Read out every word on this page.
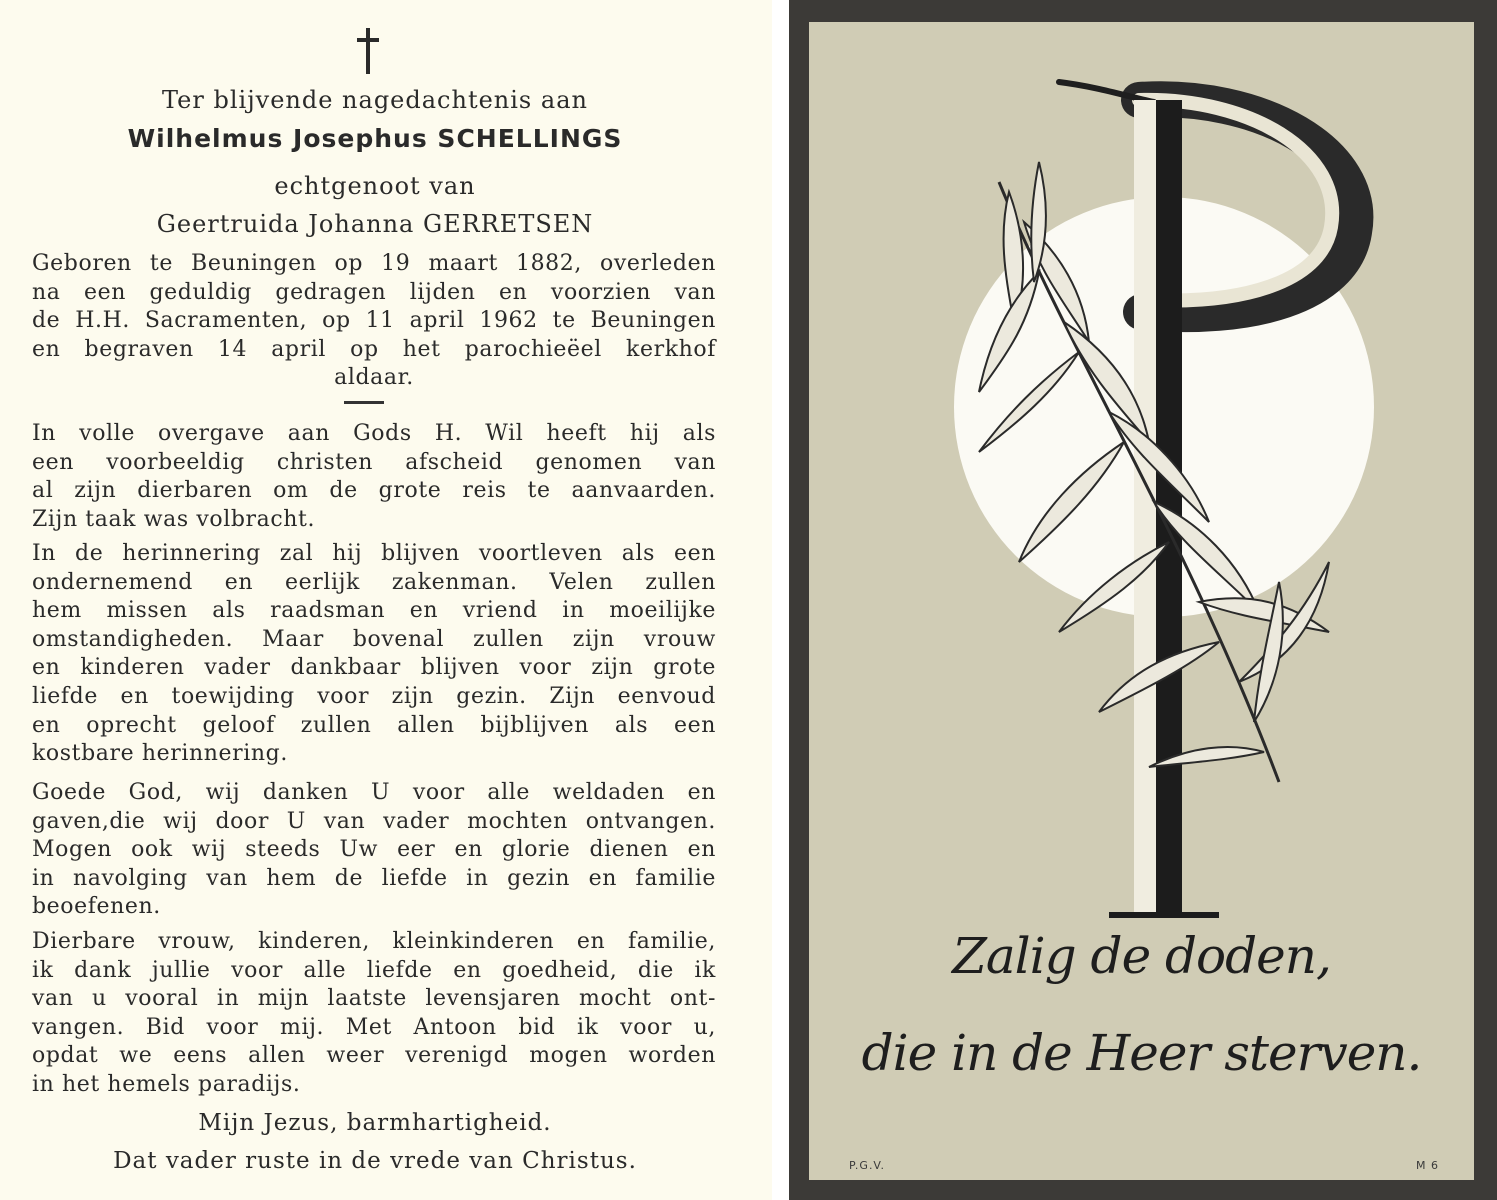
Ter blijvende nagedachtenis aan
Wilhelmus Josephus SCHELLINGS
echtgenoot van
Geertruida Johanna GERRETSEN
Geboren te Beuningen op 19 maart 1882, overleden
na een geduldig gedragen lijden en voorzien van
de H.H. Sacramenten, op 11 april 1962 te Beuningen
en begraven 14 april op het parochieëel kerkhof
aldaar.
In volle overgave aan Gods H. Wil heeft hij als
een voorbeeldig christen afscheid genomen van
al zijn dierbaren om de grote reis te aanvaarden.
Zijn taak was volbracht.
In de herinnering zal hij blijven voortleven als een
ondernemend en eerlijk zakenman. Velen zullen
hem missen als raadsman en vriend in moeilijke
omstandigheden. Maar bovenal zullen zijn vrouw
en kinderen vader dankbaar blijven voor zijn grote
liefde en toewijding voor zijn gezin. Zijn eenvoud
en oprecht geloof zullen allen bijblijven als een
kostbare herinnering.
Goede God, wij danken U voor alle weldaden en
gaven,die wij door U van vader mochten ontvangen.
Mogen ook wij steeds Uw eer en glorie dienen en
in navolging van hem de liefde in gezin en familie
beoefenen.
Dierbare vrouw, kinderen, kleinkinderen en familie,
ik dank jullie voor alle liefde en goedheid, die ik
van u vooral in mijn laatste levensjaren mocht ont-
vangen. Bid voor mij. Met Antoon bid ik voor u,
opdat we eens allen weer verenigd mogen worden
in het hemels paradijs.
Mijn Jezus, barmhartigheid.
Dat vader ruste in de vrede van Christus.
Zalig de doden,
die in de Heer sterven.
P.G.V.	M 6
